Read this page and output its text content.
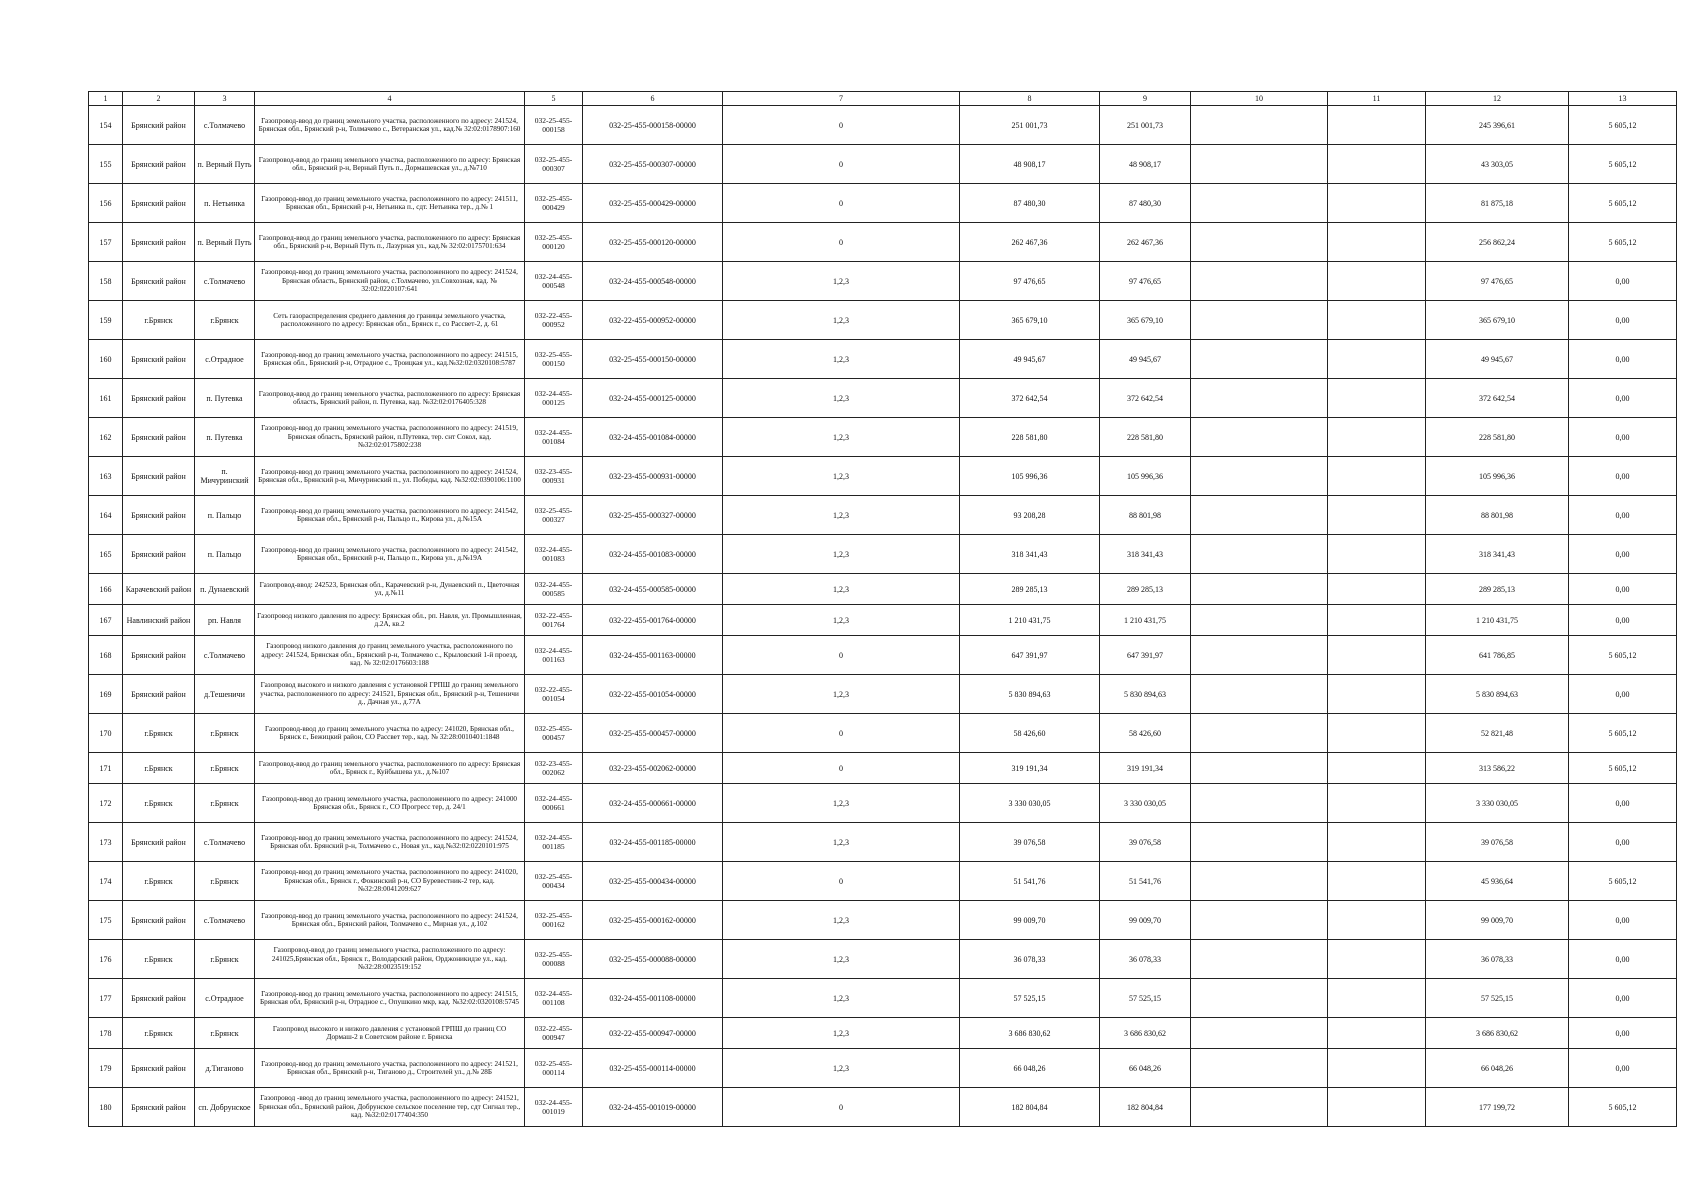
1	2	3	4	5	6	7	8	9	10	11	12	13
154	Брянский район	с.Толмачево	Газопровод-ввод до границ земельного участка, расположенного по адресу: 241524, Брянская обл., Брянский р-н, Толмачево с., Ветеранская ул., кад.№ 32:02:0178907:160	032-25-455-000158	032-25-455-000158-00000	0	251 001,73	251 001,73			245 396,61	5 605,12
155	Брянский район	п. Верный Путь	Газопровод-ввод до границ земельного участка, расположенного по адресу: Брянская обл., Брянский р-н, Верный Путь п., Дормашевская ул., д.№710	032-25-455-000307	032-25-455-000307-00000	0	48 908,17	48 908,17			43 303,05	5 605,12
156	Брянский район	п. Нетьинка	Газопровод-ввод до границ земельного участка, расположенного по адресу: 241511, Брянская обл., Брянский р-н, Нетьинка п., сдт. Нетьинка тер., д.№ 1	032-25-455-000429	032-25-455-000429-00000	0	87 480,30	87 480,30			81 875,18	5 605,12
157	Брянский район	п. Верный Путь	Газопровод-ввод до границ земельного участка, расположенного по адресу: Брянская обл., Брянский р-н, Верный Путь п., Лазурная ул., кад.№ 32:02:0175701:634	032-25-455-000120	032-25-455-000120-00000	0	262 467,36	262 467,36			256 862,24	5 605,12
158	Брянский район	с.Толмачево	Газопровод-ввод до границ земельного участка, расположенного по адресу: 241524, Брянская область, Брянский район, с.Толмачево, ул.Совхозная, кад. № 32:02:0220107:641	032-24-455-000548	032-24-455-000548-00000	1,2,3	97 476,65	97 476,65			97 476,65	0,00
159	г.Брянск	г.Брянск	Сеть газораспределения среднего давления до границы земельного участка, расположенного по адресу: Брянская обл., Брянск г., со Рассвет-2, д. 61	032-22-455-000952	032-22-455-000952-00000	1,2,3	365 679,10	365 679,10			365 679,10	0,00
160	Брянский район	с.Отрадное	Газопровод-ввод до границ земельного участка, расположенного по адресу: 241515, Брянская обл., Брянский р-н, Отрадное с., Троицкая ул., кад.№32:02:0320108:5787	032-25-455-000150	032-25-455-000150-00000	1,2,3	49 945,67	49 945,67			49 945,67	0,00
161	Брянский район	п. Путевка	Газопровод-ввод до границ земельного участка, расположенного по адресу: Брянская область, Брянский район, п. Путевка, кад. №32:02:0176405:328	032-24-455-000125	032-24-455-000125-00000	1,2,3	372 642,54	372 642,54			372 642,54	0,00
162	Брянский район	п. Путевка	Газопровод-ввод до границ земельного участка, расположенного по адресу: 241519, Брянская область, Брянский район, п.Путевка, тер. снт Сокол, кад. №32:02:0175802:238	032-24-455-001084	032-24-455-001084-00000	1,2,3	228 581,80	228 581,80			228 581,80	0,00
163	Брянский район	п. Мичуринский	Газопровод-ввод до границ земельного участка, расположенного по адресу: 241524, Брянская обл., Брянский р-н, Мичуринский п., ул. Победы, кад. №32:02:0390106:1100	032-23-455-000931	032-23-455-000931-00000	1,2,3	105 996,36	105 996,36			105 996,36	0,00
164	Брянский район	п. Пальцо	Газопровод-ввод до границ земельного участка, расположенного по адресу: 241542, Брянская обл., Брянский р-н, Пальцо п., Кирова ул., д.№15А	032-25-455-000327	032-25-455-000327-00000	1,2,3	93 208,28	88 801,98			88 801,98	0,00
165	Брянский район	п. Пальцо	Газопровод-ввод до границ земельного участка, расположенного по адресу: 241542, Брянская обл., Брянский р-н, Пальцо п., Кирова ул., д.№19А	032-24-455-001083	032-24-455-001083-00000	1,2,3	318 341,43	318 341,43			318 341,43	0,00
166	Карачевский район	п. Дунаевский	Газопровод-ввод: 242523, Брянская обл., Карачевский р-н, Дунаевский п., Цветочная ул, д.№11	032-24-455-000585	032-24-455-000585-00000	1,2,3	289 285,13	289 285,13			289 285,13	0,00
167	Навлинский район	рп. Навля	Газопровод низкого давления по адресу: Брянская обл., рп. Навля, ул. Промышленная, д.2А, кв.2	032-22-455-001764	032-22-455-001764-00000	1,2,3	1 210 431,75	1 210 431,75			1 210 431,75	0,00
168	Брянский район	с.Толмачево	Газопровод низкого давления до границ земельного участка, расположенного по адресу: 241524, Брянская обл., Брянский р-н, Толмачево с., Крыловский 1-й проезд, кад. № 32:02:0176603:188	032-24-455-001163	032-24-455-001163-00000	0	647 391,97	647 391,97			641 786,85	5 605,12
169	Брянский район	д.Тешеничи	Газопровод высокого и низкого давления с установкой ГРПШ до границ земельного участка, расположенного по адресу: 241521, Брянская обл., Брянский р-н, Тешеничи д., Дачная ул., д.77А	032-22-455-001054	032-22-455-001054-00000	1,2,3	5 830 894,63	5 830 894,63			5 830 894,63	0,00
170	г.Брянск	г.Брянск	Газопровод-ввод до границ земельного участка по адресу: 241020, Брянская обл., Брянск г., Бежицкий район, СО Рассвет тер., кад. № 32:28:0010401:1848	032-25-455-000457	032-25-455-000457-00000	0	58 426,60	58 426,60			52 821,48	5 605,12
171	г.Брянск	г.Брянск	Газопровод-ввод до границ земельного участка, расположенного по адресу: Брянская обл., Брянск г., Куйбышева ул., д.№107	032-23-455-002062	032-23-455-002062-00000	0	319 191,34	319 191,34			313 586,22	5 605,12
172	г.Брянск	г.Брянск	Газопровод-ввод до границ земельного участка, расположенного по адресу: 241000 Брянская обл., Брянск г., СО Прогресс тер, д. 24/1	032-24-455-000661	032-24-455-000661-00000	1,2,3	3 330 030,05	3 330 030,05			3 330 030,05	0,00
173	Брянский район	с.Толмачево	Газопровод-ввод до границ земельного участка, расположенного по адресу: 241524, Брянская обл. Брянский р-н, Толмачево с., Новая ул., кад.№32:02:0220101:975	032-24-455-001185	032-24-455-001185-00000	1,2,3	39 076,58	39 076,58			39 076,58	0,00
174	г.Брянск	г.Брянск	Газопровод-ввод до границ земельного участка, расположенного по адресу: 241020, Брянская обл., Брянск г., Фокинский р-н, СО Буревестник-2 тер, кад. №32:28:0041209:627	032-25-455-000434	032-25-455-000434-00000	0	51 541,76	51 541,76			45 936,64	5 605,12
175	Брянский район	с.Толмачево	Газопровод-ввод до границ земельного участка, расположенного по адресу: 241524, Брянская обл., Брянский район, Толмачево с., Мирная ул., д.102	032-25-455-000162	032-25-455-000162-00000	1,2,3	99 009,70	99 009,70			99 009,70	0,00
176	г.Брянск	г.Брянск	Газопровод-ввод до границ земельного участка, расположенного по адресу: 241025,Брянская обл., Брянск г., Володарский район, Орджоникидзе ул., кад.№32:28:0023519:152	032-25-455-000088	032-25-455-000088-00000	1,2,3	36 078,33	36 078,33			36 078,33	0,00
177	Брянский район	с.Отрадное	Газопровод-ввод до границ земельного участка, расположенного по адресу: 241515, Брянская обл, Брянский р-н, Отрадное с., Опушкино мкр, кад. №32:02:0320108:5745	032-24-455-001108	032-24-455-001108-00000	1,2,3	57 525,15	57 525,15			57 525,15	0,00
178	г.Брянск	г.Брянск	Газопровод высокого и низкого давления с установкой ГРПШ до границ СО Дормаш-2 в Советском районе г. Брянска	032-22-455-000947	032-22-455-000947-00000	1,2,3	3 686 830,62	3 686 830,62			3 686 830,62	0,00
179	Брянский район	д.Тиганово	Газопровод-ввод до границ земельного участка, расположенного по адресу: 241521, Брянская обл., Брянский р-н, Тиганово д., Строителей ул., д.№ 28Б	032-25-455-000114	032-25-455-000114-00000	1,2,3	66 048,26	66 048,26			66 048,26	0,00
180	Брянский район	сп. Добрунское	Газопровод -ввод до границ земельного участка, расположенного по адресу: 241521, Брянская обл., Брянский район, Добрунское сельское поселение тер, сдт Сигнал тер., кад. №32:02:0177404:350	032-24-455-001019	032-24-455-001019-00000	0	182 804,84	182 804,84			177 199,72	5 605,12
